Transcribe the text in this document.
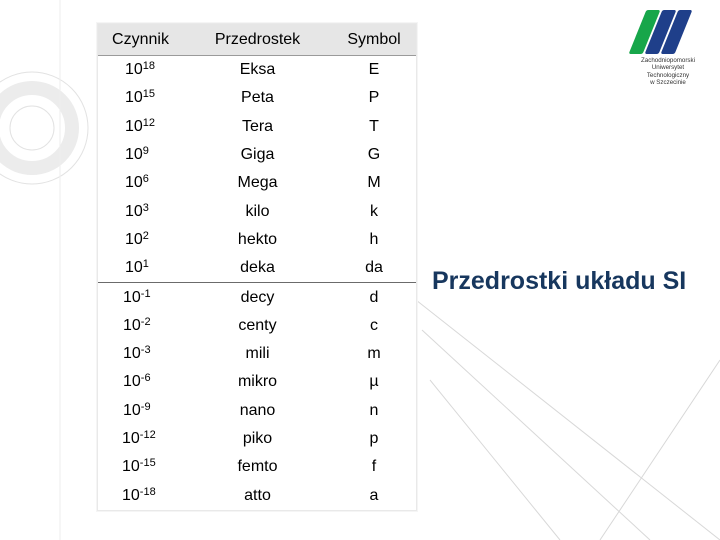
Zachodniopomorski
Uniwersytet
Technologiczny
w Szczecinie
Przedrostki układu SI
Czynnik	Przedrostek	Symbol
$10^{18}$	Eksa	E
$10^{15}$	Peta	P
$10^{12}$	Tera	T
$10^9$	Giga	G
$10^6$	Mega	M
$10^3$	kilo	k
$10^2$	hekto	h
$10^1$	deka	da
$10^{-1}$	decy	d
$10^{-2}$	centy	c
$10^{-3}$	mili	m
$10^{-6}$	mikro	µ
$10^{-9}$	nano	n
$10^{-12}$	piko	p
$10^{-15}$	femto	f
$10^{-18}$	atto	a
